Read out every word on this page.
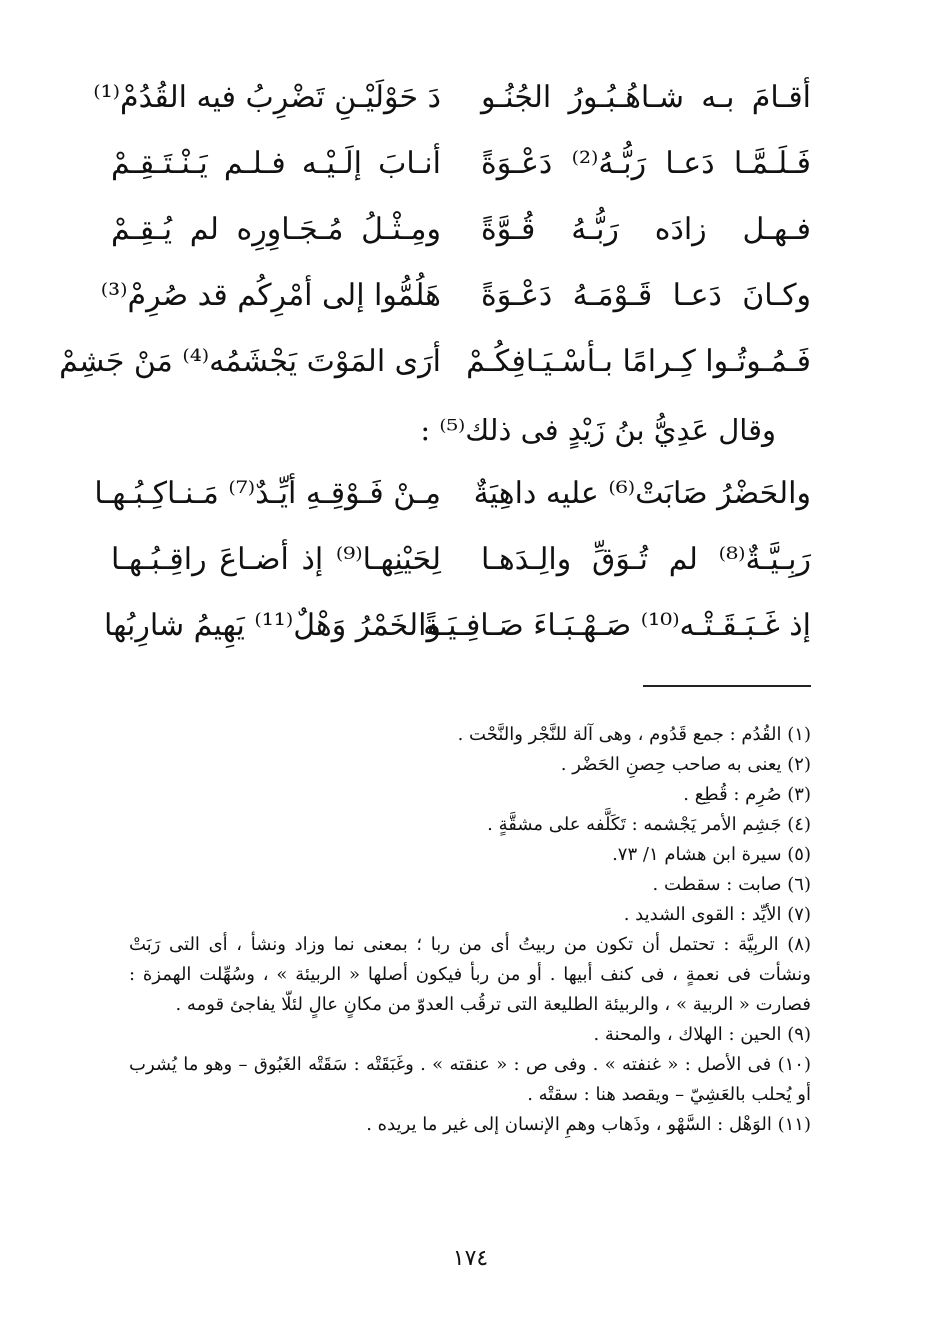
أقـامَ بـه شـاهُـبُـورُ الجُنُـو
دَ حَوْلَيْـنِ تَضْرِبُ فيه القُدُمْ⁽¹⁾
فَـلَـمَّـا دَعـا رَبُّـهُ⁽²⁾ دَعْـوَةً
أنـابَ إلَـيْـه فـلـم يَـنْـتَـقِـمْ
فـهـل زادَه رَبُّـهُ قُـوَّةً
ومِـثْـلُ مُـجَـاوِرِه لم يُـقِـمْ
وكـانَ دَعـا قَـوْمَـهُ دَعْـوَةً
هَلُمُّوا إلى أمْرِكُم قد صُرِمْ⁽³⁾
فَـمُـوتُـوا كِـرامًا بـأسْـيَـافِكُـمْ
أرَى المَوْتَ يَجْشَمُه⁽⁴⁾ مَنْ جَشِمْ
وقال عَدِيُّ بنُ زَيْدٍ فى ذلك⁽⁵⁾ :
والحَضْرُ صَابَتْ⁽⁶⁾ عليه داهِيَةٌ
مِـنْ فَـوْقِـهِ أيِّـدٌ⁽⁷⁾ مَـنـاكِـبُـهـا
رَبِـيَّـةٌ⁽⁸⁾ لم تُـوَقِّ والِـدَهـا
لِحَيْنِهـا⁽⁹⁾ إذ أضـاعَ راقِـبُـهـا
إذ غَـبَـقَـتْـه⁽¹⁰⁾ صَـهْـبَـاءَ صَـافِـيَـةً
والخَمْرُ وَهْلٌ⁽¹¹⁾ يَهِيمُ شارِبُها

(١) القُدُم : جمع قَدُوم ، وهى آلة للنَّجْر والنَّحْت .

(٢) يعنى به صاحب حِصنِ الحَضْر .

(٣) صُرِم : قُطِع .

(٤) جَشِم الأمر يَجْشمه : تَكَلَّفه على مشقَّةٍ .

(٥) سيرة ابن هشام ١/ ٧٣.

(٦) صابت : سقطت .

(٧) الأيِّد : القوى الشديد .

(٨) الربِيَّة : تحتمل أن تكون من ربيتُ أى من ربا ؛ بمعنى نما وزاد ونشأ ، أى التى رَبَتْ ونشأت فى نعمةٍ ، فى كنف أبيها . أو من ربأ فيكون أصلها « الربيئة » ، وسُهِّلت الهمزة : فصارت « الربية » ، والربيئة الطليعة التى ترقُب العدوّ من مكانٍ عالٍ لئلّا يفاجئ قومه .

(٩) الحين : الهلاك ، والمحنة .

(١٠) فى الأصل : « غنفته » . وفى ص : « عنقته » . وغَبَقَتْه : سَقَتْه الغَبُوق – وهو ما يُشرب أو يُحلب بالعَشِيّ – ويقصد هنا : سقتْه .

(١١) الوَهْل : السَّهْو ، وذَهاب وهمِ الإنسان إلى غير ما يريده .

١٧٤
